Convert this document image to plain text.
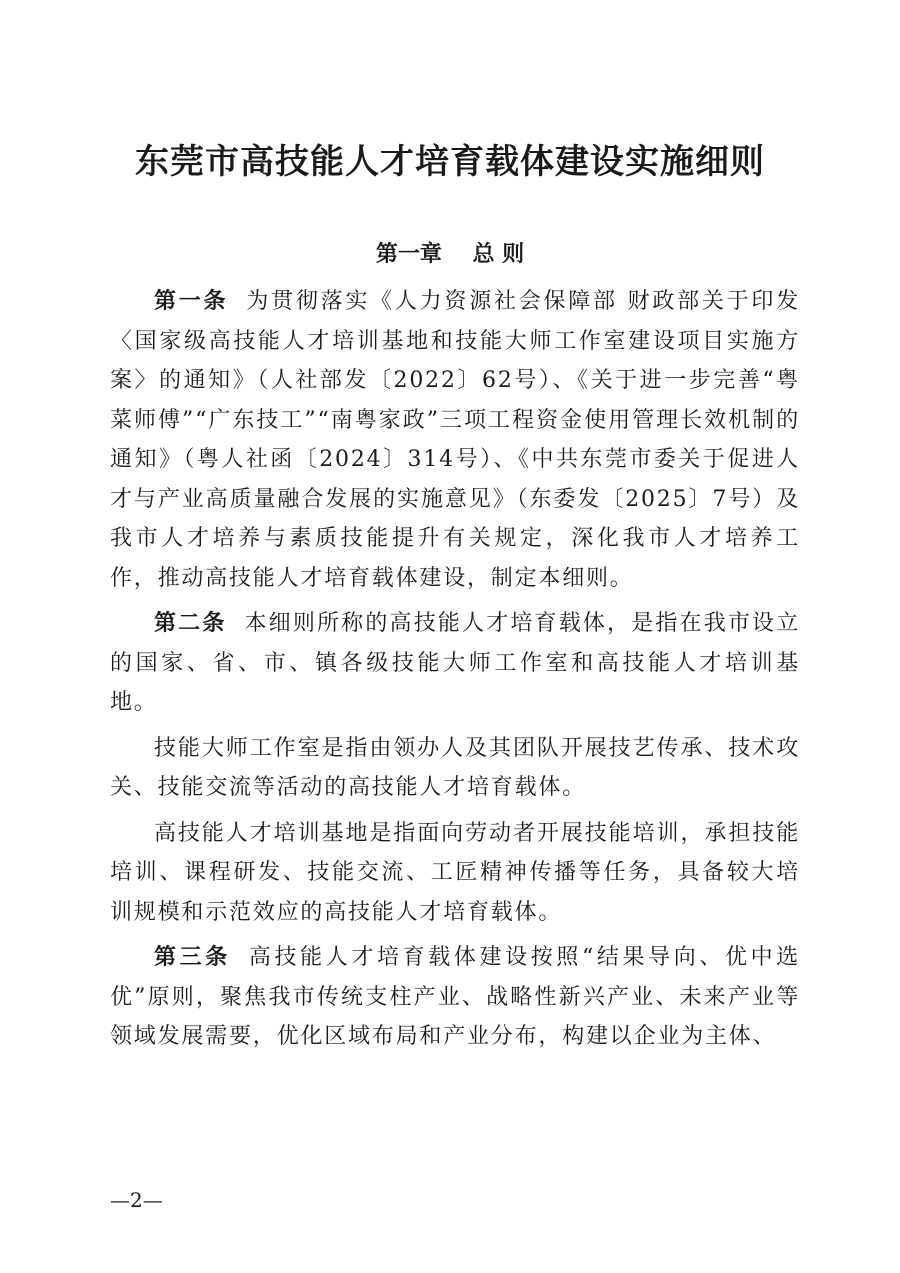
东莞市高技能人才培育载体建设实施细则
第一章    总 则

第一条 为贯彻落实《人力资源社会保障部 财政部关于印发〈国家级高技能人才培训基地和技能大师工作室建设项目实施方案〉的通知》（人社部发〔2022〕62号）、《关于进一步完善“粤菜师傅”“广东技工”“南粤家政”三项工程资金使用管理长效机制的通知》（粤人社函〔2024〕314号）、《中共东莞市委关于促进人才与产业高质量融合发展的实施意见》（东委发〔2025〕7号）及我市人才培养与素质技能提升有关规定，深化我市人才培养工作，推动高技能人才培育载体建设，制定本细则。

第二条 本细则所称的高技能人才培育载体，是指在我市设立的国家、省、市、镇各级技能大师工作室和高技能人才培训基地。

技能大师工作室是指由领办人及其团队开展技艺传承、技术攻关、技能交流等活动的高技能人才培育载体。

高技能人才培训基地是指面向劳动者开展技能培训，承担技能培训、课程研发、技能交流、工匠精神传播等任务，具备较大培训规模和示范效应的高技能人才培育载体。

第三条 高技能人才培育载体建设按照“结果导向、优中选优”原则，聚焦我市传统支柱产业、战略性新兴产业、未来产业等领域发展需要，优化区域布局和产业分布，构建以企业为主体、

—2—
